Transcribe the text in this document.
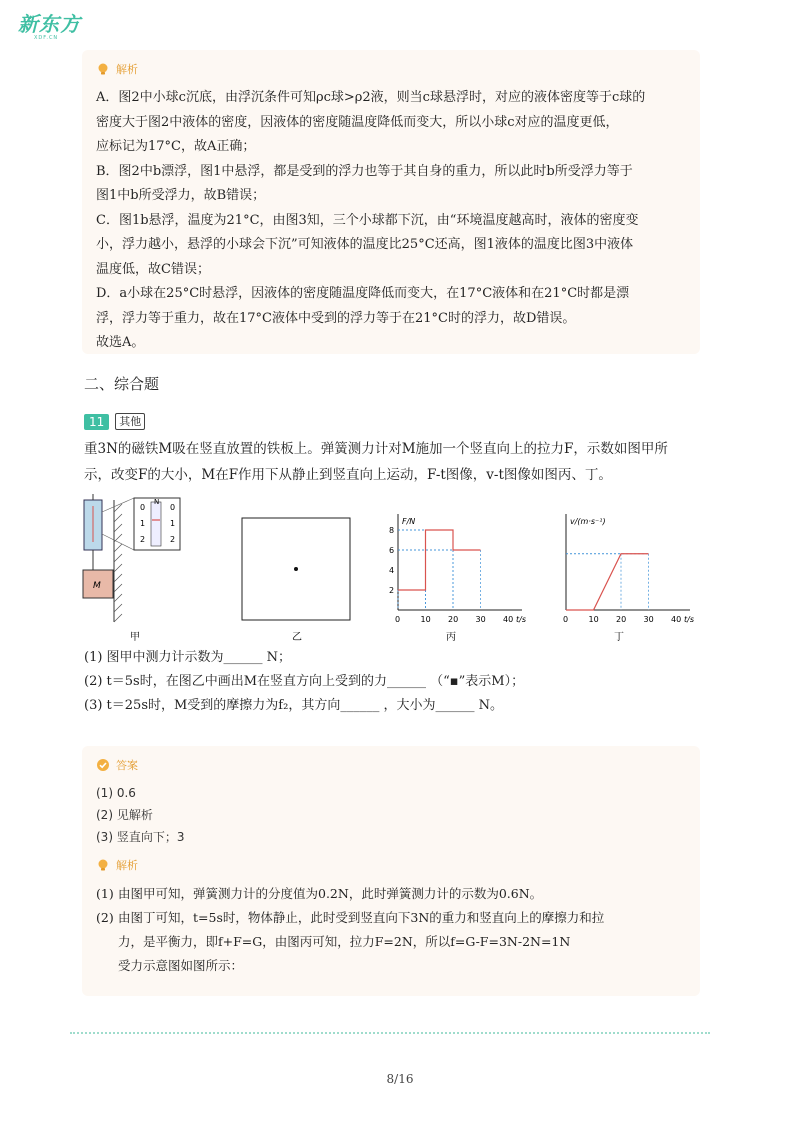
新东方
XDF.CN
解析
A．图2中小球c沉底，由浮沉条件可知ρc球>ρ2液，则当c球悬浮时，对应的液体密度等于c球的
密度大于图2中液体的密度，因液体的密度随温度降低而变大，所以小球c对应的温度更低，
应标记为17°C，故A正确；
B．图2中b漂浮，图1中悬浮，都是受到的浮力也等于其自身的重力，所以此时b所受浮力等于
图1中b所受浮力，故B错误；
C．图1b悬浮，温度为21°C，由图3知，三个小球都下沉，由“环境温度越高时，液体的密度变
小，浮力越小，悬浮的小球会下沉”可知液体的温度比25°C还高，图1液体的温度比图3中液体
温度低，故C错误；
D．a小球在25°C时悬浮，因液体的密度随温度降低而变大，在17°C液体和在21°C时都是漂
浮，浮力等于重力，故在17°C液体中受到的浮力等于在21°C时的浮力，故D错误。
故选A。
二、综合题
11	其他
重3N的磁铁M吸在竖直放置的铁板上。弹簧测力计对M施加一个竖直向上的拉力F，示数如图甲所
示，改变F的大小，M在F作用下从静止到竖直向上运动，F-t图像，v-t图像如图丙、丁。
M
N
0
1
2
0
1
2
甲	乙
F/N
t/s
0	10 20 30 40
2
4
6
8
丙
v/(m·s⁻¹)
t/s
0	10 20 30 40
丁
(1) 图甲中测力计示数为______ N；
(2) t＝5s时，在图乙中画出M在竖直方向上受到的力______ （“▪”表示M）；
(3) t＝25s时，M受到的摩擦力为f₂，其方向______ ，大小为______ N。
答案
(1) 0.6
(2) 见解析
(3) 竖直向下；3
解析
(1) 由图甲可知，弹簧测力计的分度值为0.2N，此时弹簧测力计的示数为0.6N。
(2) 由图丁可知，t=5s时，物体静止，此时受到竖直向下3N的重力和竖直向上的摩擦力和拉
力，是平衡力，即f+F=G，由图丙可知，拉力F=2N，所以f=G-F=3N-2N=1N
受力示意图如图所示：
8/16
